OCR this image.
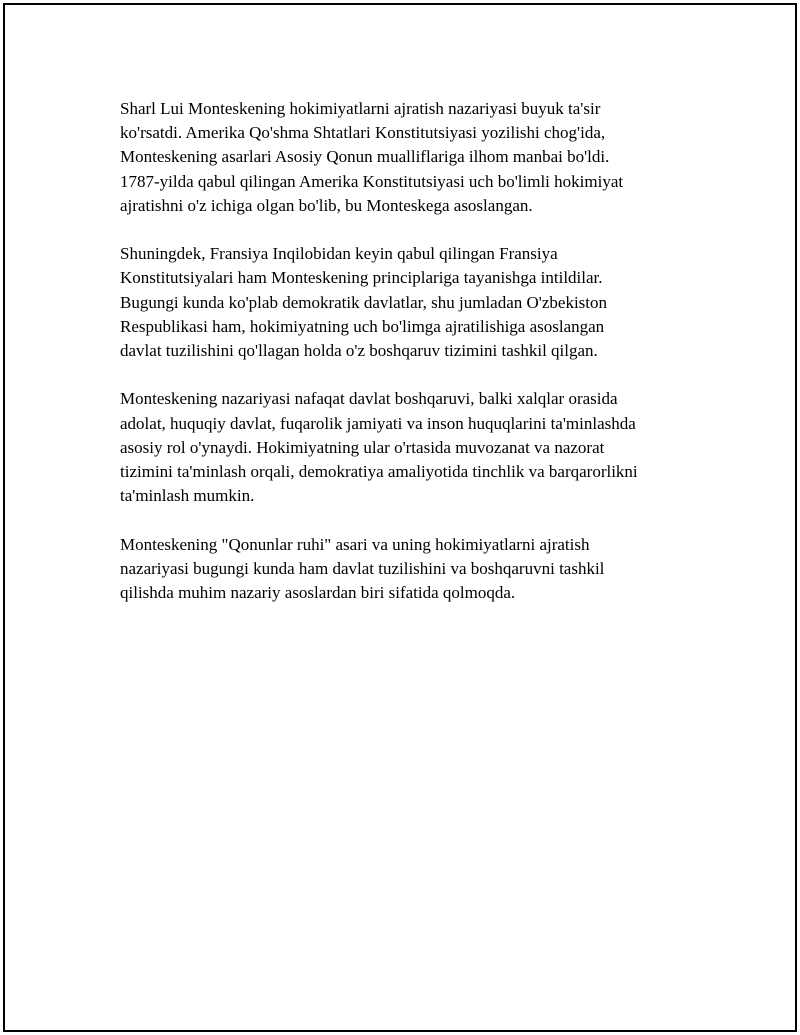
Sharl Lui Monteskening hokimiyatlarni ajratish nazariyasi buyuk ta'sir
ko'rsatdi. Amerika Qo'shma Shtatlari Konstitutsiyasi yozilishi chog'ida,
Monteskening asarlari Asosiy Qonun mualliflariga ilhom manbai bo'ldi.
1787-yilda qabul qilingan Amerika Konstitutsiyasi uch bo'limli hokimiyat
ajratishni o'z ichiga olgan bo'lib, bu Monteskega asoslangan.

Shuningdek, Fransiya Inqilobidan keyin qabul qilingan Fransiya
Konstitutsiyalari ham Monteskening principlariga tayanishga intildilar.
Bugungi kunda ko'plab demokratik davlatlar, shu jumladan O'zbekiston
Respublikasi ham, hokimiyatning uch bo'limga ajratilishiga asoslangan
davlat tuzilishini qo'llagan holda o'z boshqaruv tizimini tashkil qilgan.

Monteskening nazariyasi nafaqat davlat boshqaruvi, balki xalqlar orasida
adolat, huquqiy davlat, fuqarolik jamiyati va inson huquqlarini ta'minlashda
asosiy rol o'ynaydi. Hokimiyatning ular o'rtasida muvozanat va nazorat
tizimini ta'minlash orqali, demokratiya amaliyotida tinchlik va barqarorlikni
ta'minlash mumkin.

Monteskening "Qonunlar ruhi" asari va uning hokimiyatlarni ajratish
nazariyasi bugungi kunda ham davlat tuzilishini va boshqaruvni tashkil
qilishda muhim nazariy asoslardan biri sifatida qolmoqda.
